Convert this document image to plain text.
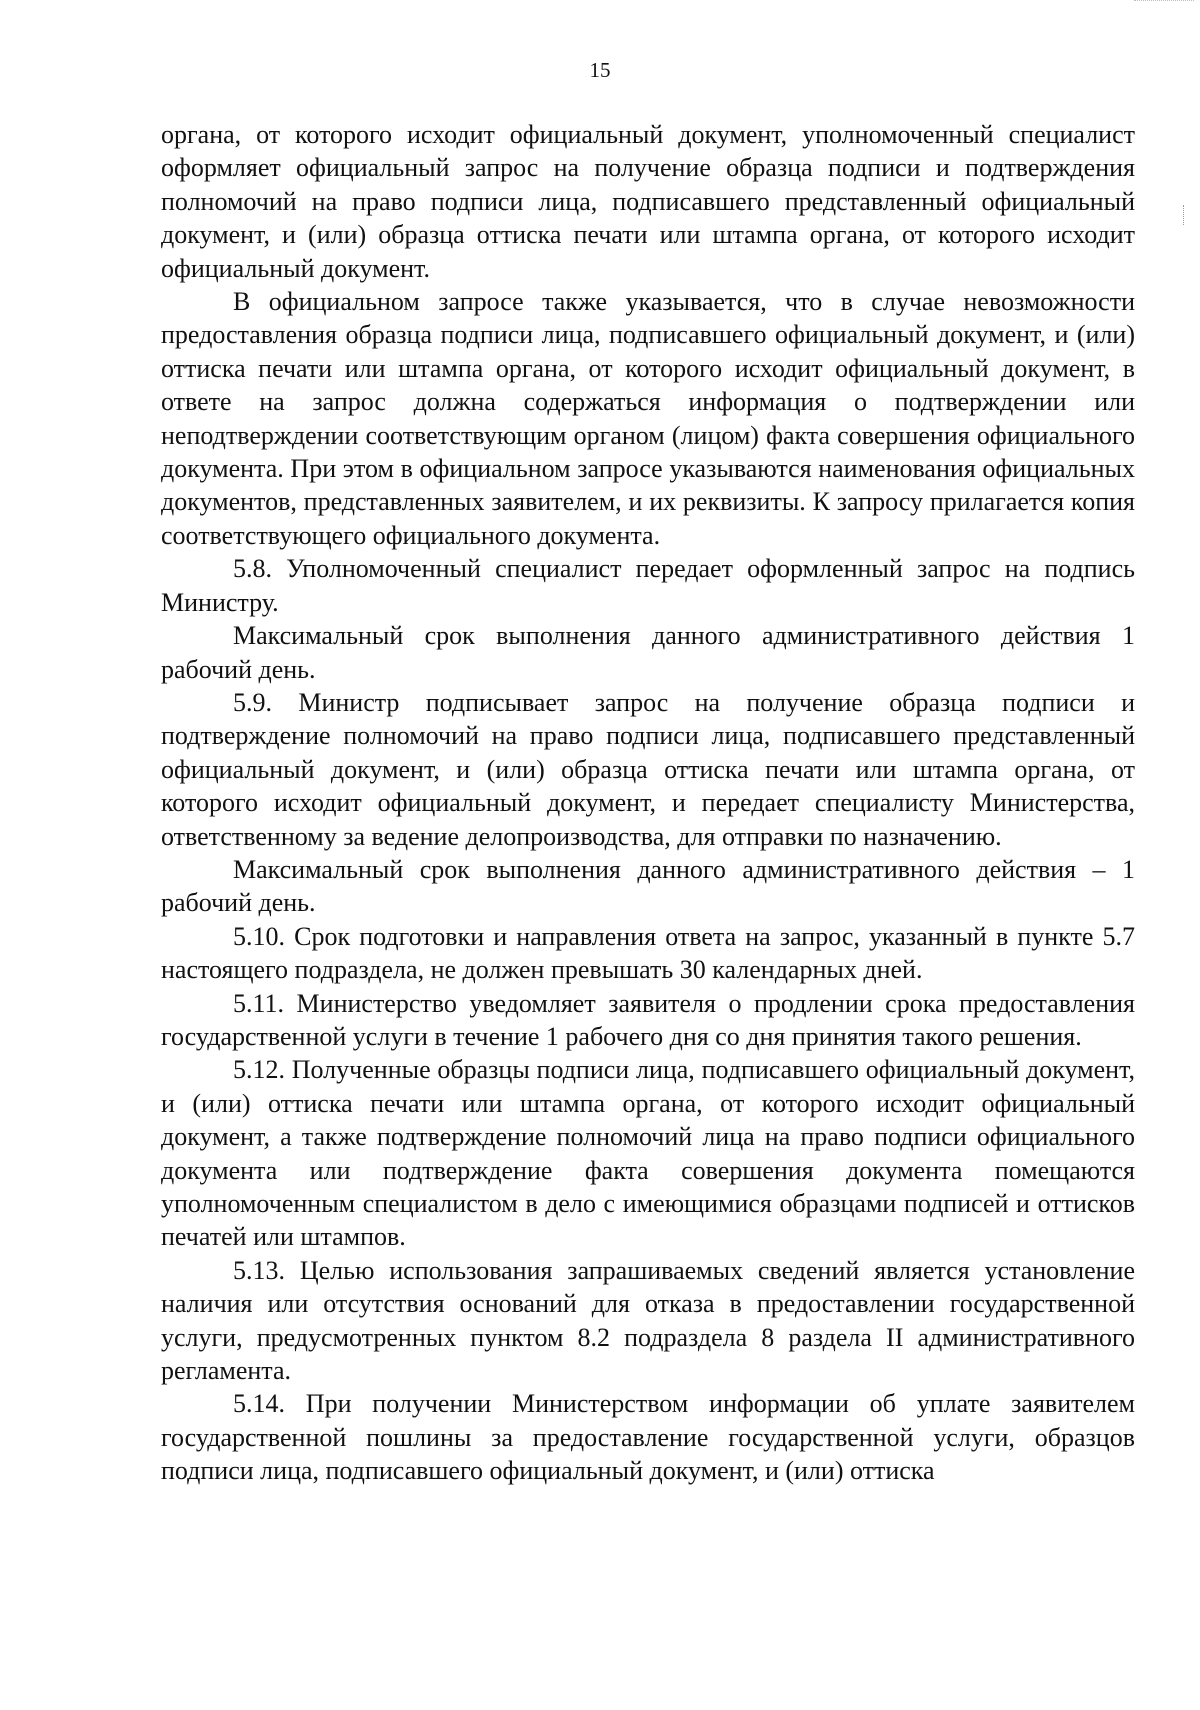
15

органа, от которого исходит официальный документ, уполномоченный специалист оформляет официальный запрос на получение образца подписи и подтверждения полномочий на право подписи лица, подписавшего представленный официальный документ, и (или) образца оттиска печати или штампа органа, от которого исходит официальный документ.

В официальном запросе также указывается, что в случае невозможности предоставления образца подписи лица, подписавшего официальный документ, и (или) оттиска печати или штампа органа, от которого исходит официальный документ, в ответе на запрос должна содержаться информация о подтверждении или неподтверждении соответствующим органом (лицом) факта совершения официального документа. При этом в официальном запросе указываются наименования официальных документов, представленных заявителем, и их реквизиты. К запросу прилагается копия соответствующего официального документа.

5.8. Уполномоченный специалист передает оформленный запрос на подпись Министру.

Максимальный срок выполнения данного административного действия 1 рабочий день.

5.9. Министр подписывает запрос на получение образца подписи и подтверждение полномочий на право подписи лица, подписавшего представленный официальный документ, и (или) образца оттиска печати или штампа органа, от которого исходит официальный документ, и передает специалисту Министерства, ответственному за ведение делопроизводства, для отправки по назначению.

Максимальный срок выполнения данного административного действия – 1 рабочий день.

5.10. Срок подготовки и направления ответа на запрос, указанный в пункте 5.7 настоящего подраздела, не должен превышать 30 календарных дней.

5.11. Министерство уведомляет заявителя о продлении срока предоставления государственной услуги в течение 1 рабочего дня со дня принятия такого решения.

5.12. Полученные образцы подписи лица, подписавшего официальный документ, и (или) оттиска печати или штампа органа, от которого исходит официальный документ, а также подтверждение полномочий лица на право подписи официального документа или подтверждение факта совершения документа помещаются уполномоченным специалистом в дело с имеющимися образцами подписей и оттисков печатей или штампов.

5.13. Целью использования запрашиваемых сведений является установление наличия или отсутствия оснований для отказа в предоставлении государственной услуги, предусмотренных пунктом 8.2 подраздела 8 раздела II административного регламента.

5.14. При получении Министерством информации об уплате заявителем государственной пошлины за предоставление государственной услуги, образцов подписи лица, подписавшего официальный документ, и (или) оттиска
